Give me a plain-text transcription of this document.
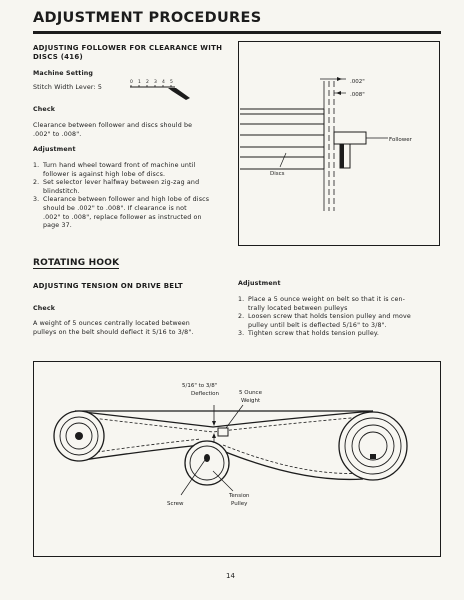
ADJUSTMENT PROCEDURES
ADJUSTING FOLLOWER FOR CLEARANCE WITH
DISCS (416)
Machine Setting
Stitch Width Lever: 5
0 1 2 3 4 5
Check
Clearance between follower and discs should be
.002" to .008".
Adjustment
1. Turn hand wheel toward front of machine until
follower is against high lobe of discs.
2. Set selector lever halfway between zig-zag and
blindstitch.
3. Clearance between follower and high lobe of discs
should be .002" to .008". If clearance is not
.002" to .008", replace follower as instructed on
page 37.
.002"
.008"
Follower
Discs
ROTATING HOOK
ADJUSTING TENSION ON DRIVE BELT
Check
A weight of 5 ounces centrally located between
pulleys on the belt should deflect it 5/16 to 3/8".
Adjustment
1. Place a 5 ounce weight on belt so that it is cen-
trally located between pulleys
2. Loosen screw that holds tension pulley and move
pulley until belt is deflected 5/16" to 3/8".
3. Tighten screw that holds tension pulley.
5/16" to 3/8"
Deflection	5 Ounce
Weight
Screw
Tension
Pulley
14
